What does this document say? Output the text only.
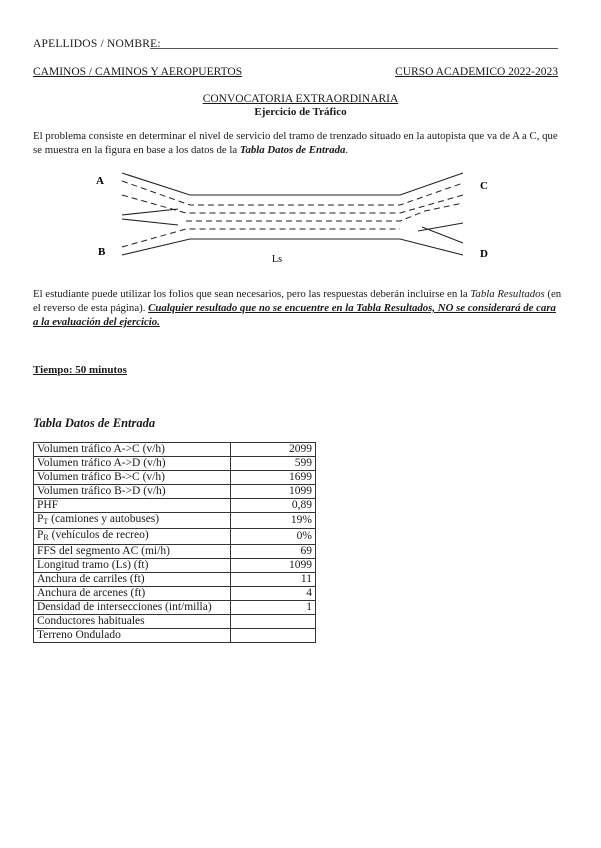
APELLIDOS / NOMBRE:
CAMINOS / CAMINOS Y AEROPUERTOS	CURSO ACADEMICO 2022-2023
CONVOCATORIA EXTRAORDINARIA
Ejercicio de Tráfico
El problema consiste en determinar el nivel de servicio del tramo de trenzado situado en la autopista que va de A a C, que se muestra en la figura en base a los datos de la Tabla Datos de Entrada.
A
B
C
D
Ls
El estudiante puede utilizar los folios que sean necesarios, pero las respuestas deberán incluirse en la Tabla Resultados (en el reverso de esta página). Cualquier resultado que no se encuentre en la Tabla Resultados, NO se considerará de cara a la evaluación del ejercicio.
Tiempo: 50 minutos
Tabla Datos de Entrada
Volumen tráfico A->C (v/h)	2099
Volumen tráfico A->D (v/h)	599
Volumen tráfico B->C (v/h)	1699
Volumen tráfico B->D (v/h)	1099
PHF	0,89
$P_T$ (camiones y autobuses)	19%
$P_R$ (vehículos de recreo)	0%
FFS del segmento AC (mi/h)	69
Longitud tramo (Ls) (ft)	1099
Anchura de carriles (ft)	11
Anchura de arcenes (ft)	4
Densidad de intersecciones (int/milla)	1
Conductores habituales	
Terreno Ondulado	
